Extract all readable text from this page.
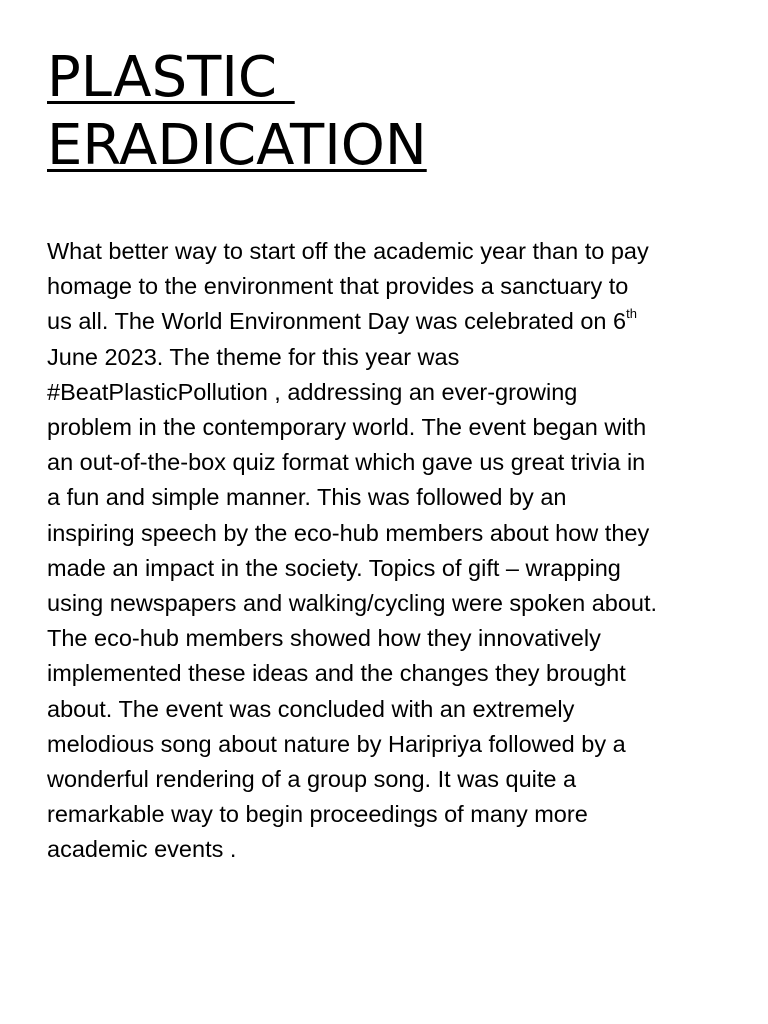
PLASTIC
ERADICATION

What better way to start off the academic year than to pay
homage to the environment that provides a sanctuary to
us all. The World Environment Day was celebrated on 6th
June 2023. The theme for this year was
#BeatPlasticPollution , addressing an ever-growing
problem in the contemporary world. The event began with
an out-of-the-box quiz format which gave us great trivia in
a fun and simple manner. This was followed by an
inspiring speech by the eco-hub members about how they
made an impact in the society. Topics of gift – wrapping
using newspapers and walking/cycling were spoken about.
The eco-hub members showed how they innovatively
implemented these ideas and the changes they brought
about. The event was concluded with an extremely
melodious song about nature by Haripriya followed by a
wonderful rendering of a group song. It was quite a
remarkable way to begin proceedings of many more
academic events .
